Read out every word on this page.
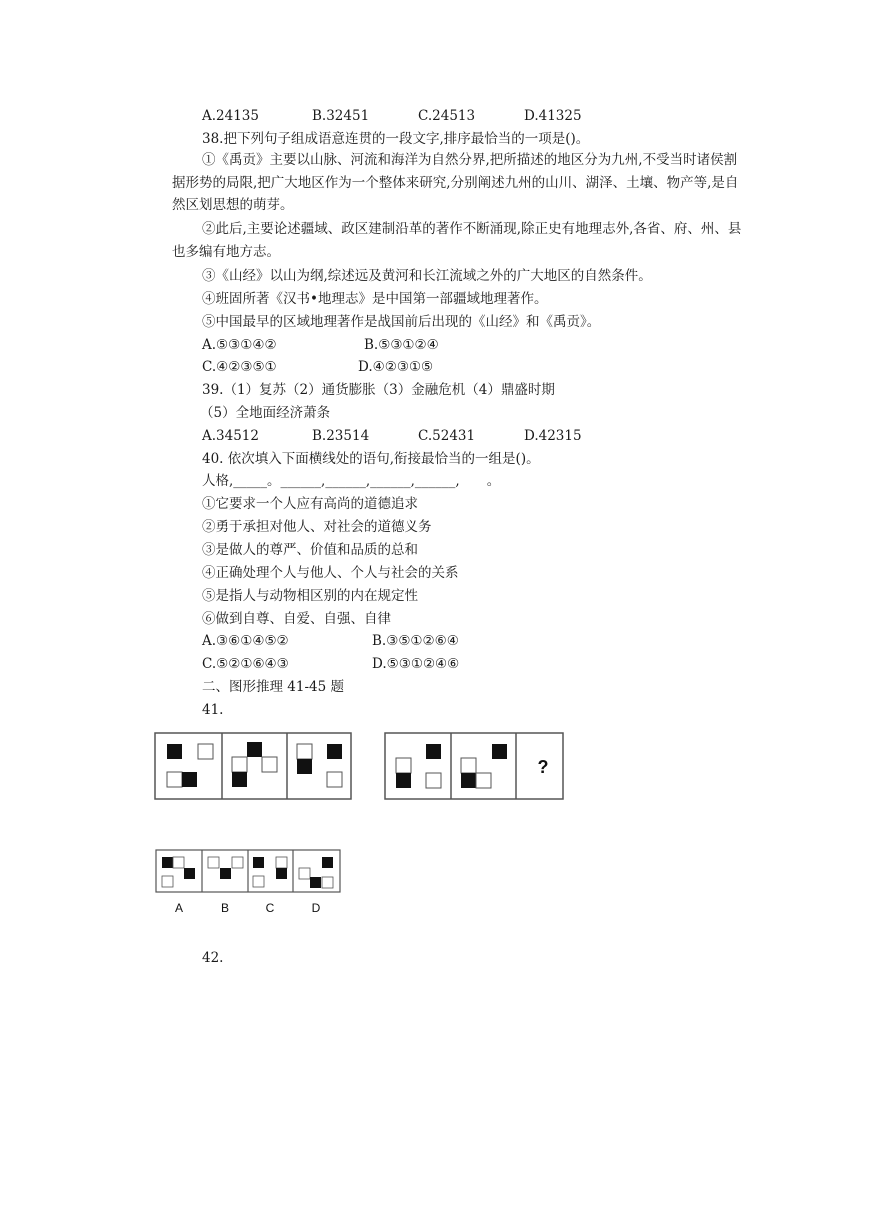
A.24135	B.32451	C.24513	D.41325
38.把下列句子组成语意连贯的一段文字,排序最恰当的一项是()。
①《禹贡》主要以山脉、河流和海洋为自然分界,把所描述的地区分为九州,不受当时诸侯割据形势的局限,把广大地区作为一个整体来研究,分别阐述九州的山川、湖泽、土壤、物产等,是自然区划思想的萌芽。
②此后,主要论述疆域、政区建制沿革的著作不断涌现,除正史有地理志外,各省、府、州、县也多编有地方志。
③《山经》以山为纲,综述远及黄河和长江流域之外的广大地区的自然条件。
④班固所著《汉书•地理志》是中国第一部疆域地理著作。
⑤中国最早的区域地理著作是战国前后出现的《山经》和《禹贡》。
A.⑤③①④②	B.⑤③①②④
C.④②③⑤①	D.④②③①⑤
39.（1）复苏（2）通货膨胀（3）金融危机（4）鼎盛时期
（5）全地面经济萧条
A.34512	B.23514	C.52431	D.42315
40. 依次填入下面横线处的语句,衔接最恰当的一组是()。
人格,_____。______,______,______,______,　　。
①它要求一个人应有高尚的道德追求
②勇于承担对他人、对社会的道德义务
③是做人的尊严、价值和品质的总和
④正确处理个人与他人、个人与社会的关系
⑤是指人与动物相区别的内在规定性
⑥做到自尊、自爱、自强、自律
A.③⑥①④⑤②	B.③⑤①②⑥④
C.⑤②①⑥④③	D.⑤③①②④⑥
二、图形推理 41-45 题
41.
?
A	B	C	D
42.
